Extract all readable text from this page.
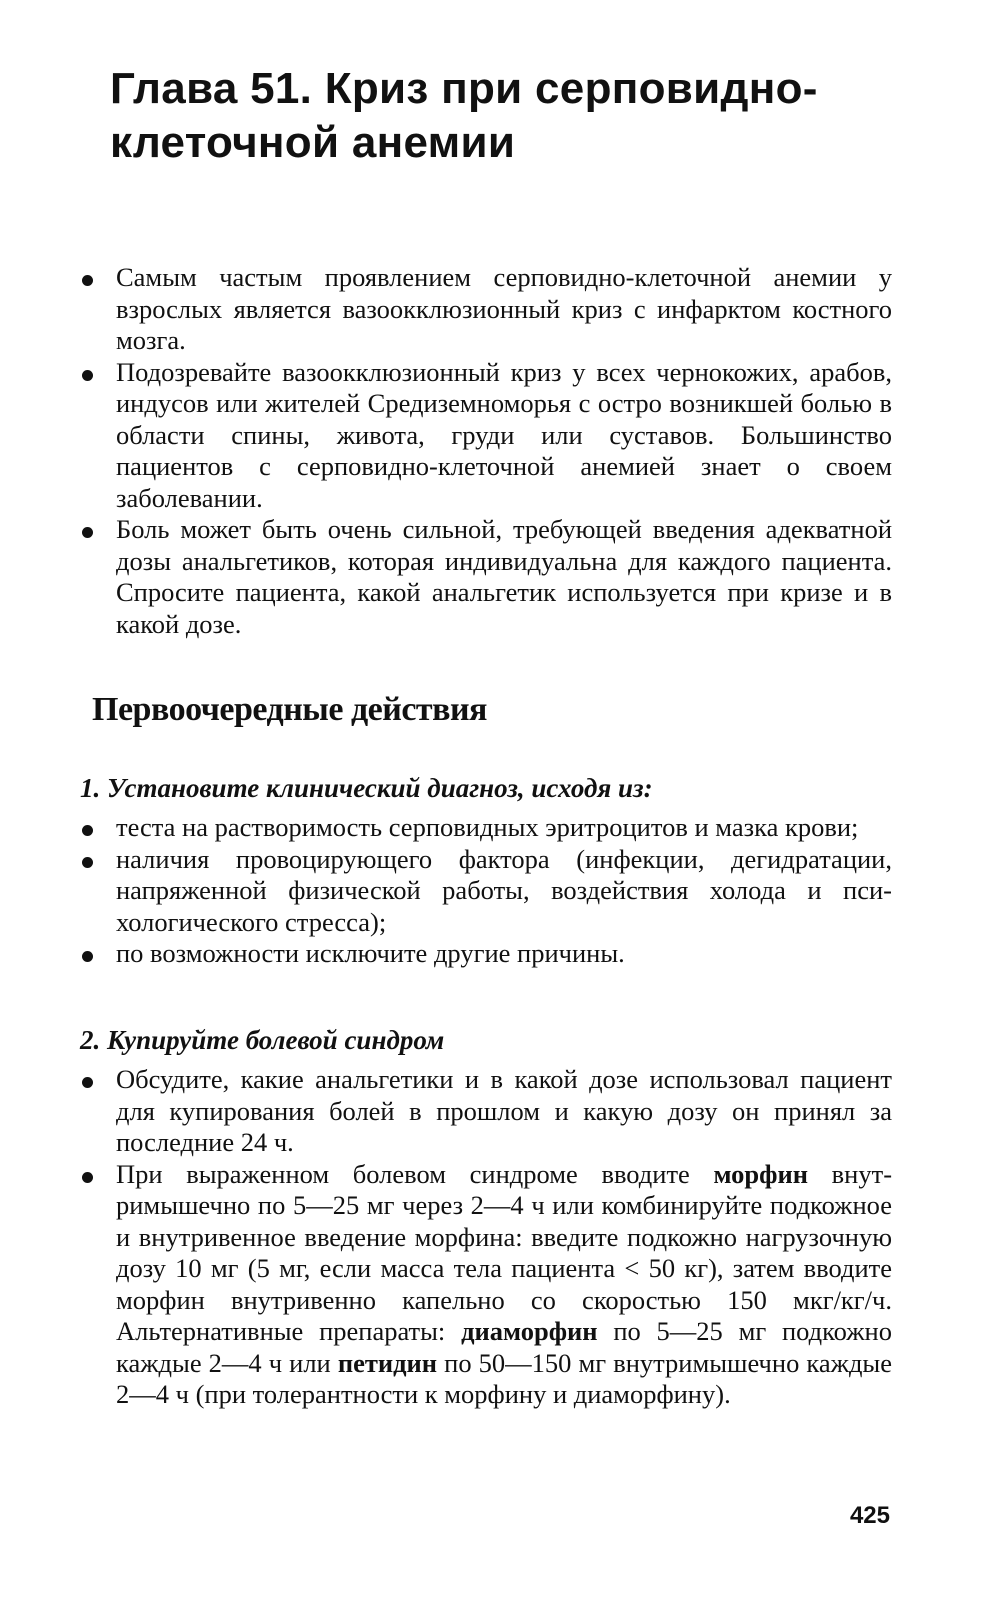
Глава 51. Криз при серповидно-клеточной анемии
Самым частым проявлением серповидно-клеточной анемии у взрослых является вазоокклюзионный криз с инфарктом костного мозга.
Подозревайте вазоокклюзионный криз у всех чернокожих, арабов, индусов или жителей Средиземноморья с остро возникшей болью в области спины, живота, груди или суставов. Большинство пациентов с серповидно-клеточной анемией знает о своем заболевании.
Боль может быть очень сильной, требующей введения адекватной дозы анальгетиков, которая индивидуальна для каждого пациента. Спросите пациента, какой анальгетик используется при кризе и в какой дозе.
Первоочередные действия
1. Установите клинический диагноз, исходя из:
теста на растворимость серповидных эритроцитов и мазка крови;
наличия провоцирующего фактора (инфекции, дегидратации, напряженной физической работы, воздействия холода и психологического стресса);
по возможности исключите другие причины.
2. Купируйте болевой синдром
Обсудите, какие анальгетики и в какой дозе использовал пациент для купирования болей в прошлом и какую дозу он принял за последние 24 ч.
При выраженном болевом синдроме вводите морфин внутримышечно по 5—25 мг через 2—4 ч или комбинируйте подкожное и внутривенное введение морфина: введите подкожно нагрузочную дозу 10 мг (5 мг, если масса тела пациента < 50 кг), затем вводите морфин внутривенно капельно со скоростью 150 мкг/кг/ч. Альтернативные препараты: диаморфин по 5—25 мг подкожно каждые 2—4 ч или петидин по 50—150 мг внутримышечно каждые 2—4 ч (при толерантности к морфину и диаморфину).
425
